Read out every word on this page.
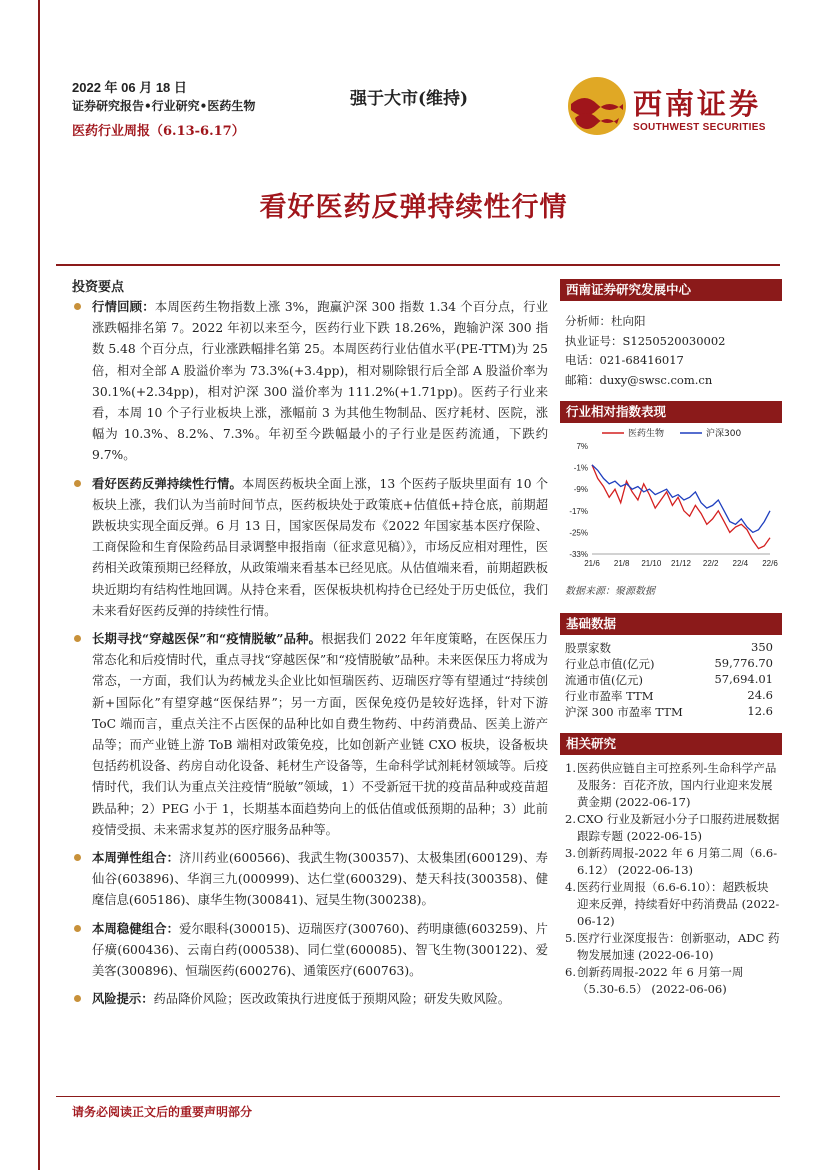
2022 年 06 月 18 日
证券研究报告•行业研究•医药生物
医药行业周报（6.13-6.17）
强于大市(维持)	西南证券
SOUTHWEST SECURITIES
看好医药反弹持续性行情
投资要点
行情回顾：本周医药生物指数上涨 3%，跑赢沪深 300 指数 1.34 个百分点，行业涨跌幅排名第 7。2022 年初以来至今，医药行业下跌 18.26%，跑输沪深 300 指数 5.48 个百分点，行业涨跌幅排名第 25。本周医药行业估值水平(PE-TTM)为 25 倍，相对全部 A 股溢价率为 73.3%(+3.4pp)，相对剔除银行后全部 A 股溢价率为 30.1%(+2.34pp)，相对沪深 300 溢价率为 111.2%(+1.71pp)。医药子行业来看，本周 10 个子行业板块上涨，涨幅前 3 为其他生物制品、医疗耗材、医院，涨幅为 10.3%、8.2%、7.3%。年初至今跌幅最小的子行业是医药流通，下跌约 9.7%。
看好医药反弹持续性行情。本周医药板块全面上涨，13 个医药子版块里面有 10 个板块上涨，我们认为当前时间节点，医药板块处于政策底+估值低+持仓底，前期超跌板块实现全面反弹。6 月 13 日，国家医保局发布《2022 年国家基本医疗保险、工商保险和生育保险药品目录调整申报指南（征求意见稿）》，市场反应相对理性，医药相关政策预期已经释放，从政策端来看基本已经见底。从估值端来看，前期超跌板块近期均有结构性地回调。从持仓来看，医保板块机构持仓已经处于历史低位，我们未来看好医药反弹的持续性行情。
长期寻找“穿越医保”和“疫情脱敏”品种。根据我们 2022 年年度策略，在医保压力常态化和后疫情时代，重点寻找“穿越医保”和“疫情脱敏”品种。未来医保压力将成为常态，一方面，我们认为药械龙头企业比如恒瑞医药、迈瑞医疗等有望通过“持续创新+国际化”有望穿越“医保结界”；另一方面，医保免疫仍是较好选择，针对下游 ToC 端而言，重点关注不占医保的品种比如自费生物药、中药消费品、医美上游产品等；而产业链上游 ToB 端相对政策免疫，比如创新产业链 CXO 板块，设备板块包括药机设备、药房自动化设备、耗材生产设备等，生命科学试剂耗材领域等。后疫情时代，我们认为重点关注疫情“脱敏”领域，1）不受新冠干扰的疫苗品种或疫苗超跌品种；2）PEG 小于 1，长期基本面趋势向上的低估值或低预期的品种；3）此前疫情受损、未来需求复苏的医疗服务品种等。
本周弹性组合：济川药业(600566)、我武生物(300357)、太极集团(600129)、寿仙谷(603896)、华润三九(000999)、达仁堂(600329)、楚天科技(300358)、健麾信息(605186)、康华生物(300841)、冠昊生物(300238)。
本周稳健组合：爱尔眼科(300015)、迈瑞医疗(300760)、药明康德(603259)、片仔癀(600436)、云南白药(000538)、同仁堂(600085)、智飞生物(300122)、爱美客(300896)、恒瑞医药(600276)、通策医疗(600763)。
风险提示：药品降价风险；医改政策执行进度低于预期风险；研发失败风险。
西南证券研究发展中心
分析师：杜向阳
执业证号：S1250520030002
电话：021-68416017
邮箱：duxy@swsc.com.cn
行业相对指数表现
医药生物	沪深300
7%
-1%
-9%
-17%
-25%
-33%
21/6 21/8 21/10 21/12 22/2 22/4 22/6
数据来源：聚源数据
基础数据
股票家数	350
行业总市值(亿元)	59,776.70
流通市值(亿元)	57,694.01
行业市盈率 TTM	24.6
沪深 300 市盈率 TTM	12.6
相关研究
1. 医药供应链自主可控系列-生命科学产品及服务：百花齐放，国内行业迎来发展黄金期 (2022-06-17)
2. CXO 行业及新冠小分子口服药进展数据跟踪专题 (2022-06-15)
3. 创新药周报-2022 年 6 月第二周（6.6-6.12） (2022-06-13)
4. 医药行业周报（6.6-6.10）：超跌板块迎来反弹，持续看好中药消费品 (2022-06-12)
5. 医疗行业深度报告：创新驱动，ADC 药物发展加速 (2022-06-10)
6. 创新药周报-2022 年 6 月第一周（5.30-6.5） (2022-06-06)
请务必阅读正文后的重要声明部分
